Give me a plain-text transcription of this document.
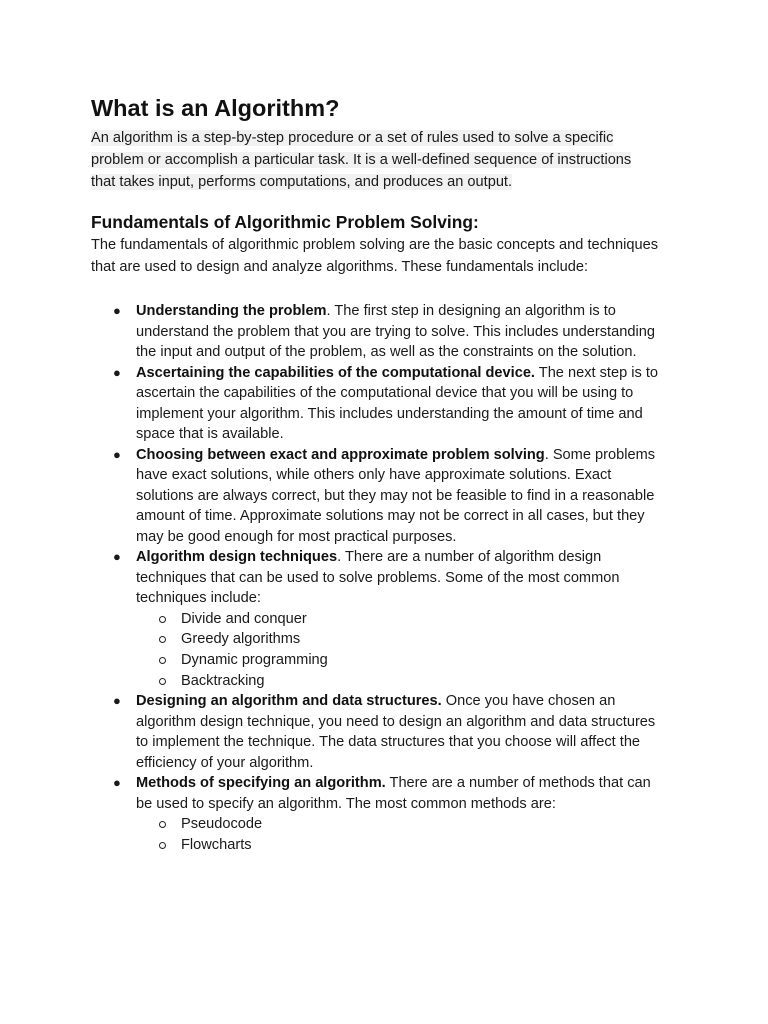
What is an Algorithm?

An algorithm is a step-by-step procedure or a set of rules used to solve a specific
problem or accomplish a particular task. It is a well-defined sequence of instructions
that takes input, performs computations, and produces an output.

Fundamentals of Algorithmic Problem Solving:

The fundamentals of algorithmic problem solving are the basic concepts and techniques that are used to design and analyze algorithms. These fundamentals include:

● Understanding the problem. The first step in designing an algorithm is to understand the problem that you are trying to solve. This includes understanding the input and output of the problem, as well as the constraints on the solution.
● Ascertaining the capabilities of the computational device. The next step is to ascertain the capabilities of the computational device that you will be using to implement your algorithm. This includes understanding the amount of time and space that is available.
● Choosing between exact and approximate problem solving. Some problems have exact solutions, while others only have approximate solutions. Exact solutions are always correct, but they may not be feasible to find in a reasonable amount of time. Approximate solutions may not be correct in all cases, but they may be good enough for most practical purposes.
● Algorithm design techniques. There are a number of algorithm design techniques that can be used to solve problems. Some of the most common techniques include:
Divide and conquer
Greedy algorithms
Dynamic programming
Backtracking
● Designing an algorithm and data structures. Once you have chosen an algorithm design technique, you need to design an algorithm and data structures to implement the technique. The data structures that you choose will affect the efficiency of your algorithm.
● Methods of specifying an algorithm. There are a number of methods that can be used to specify an algorithm. The most common methods are:
Pseudocode
Flowcharts
